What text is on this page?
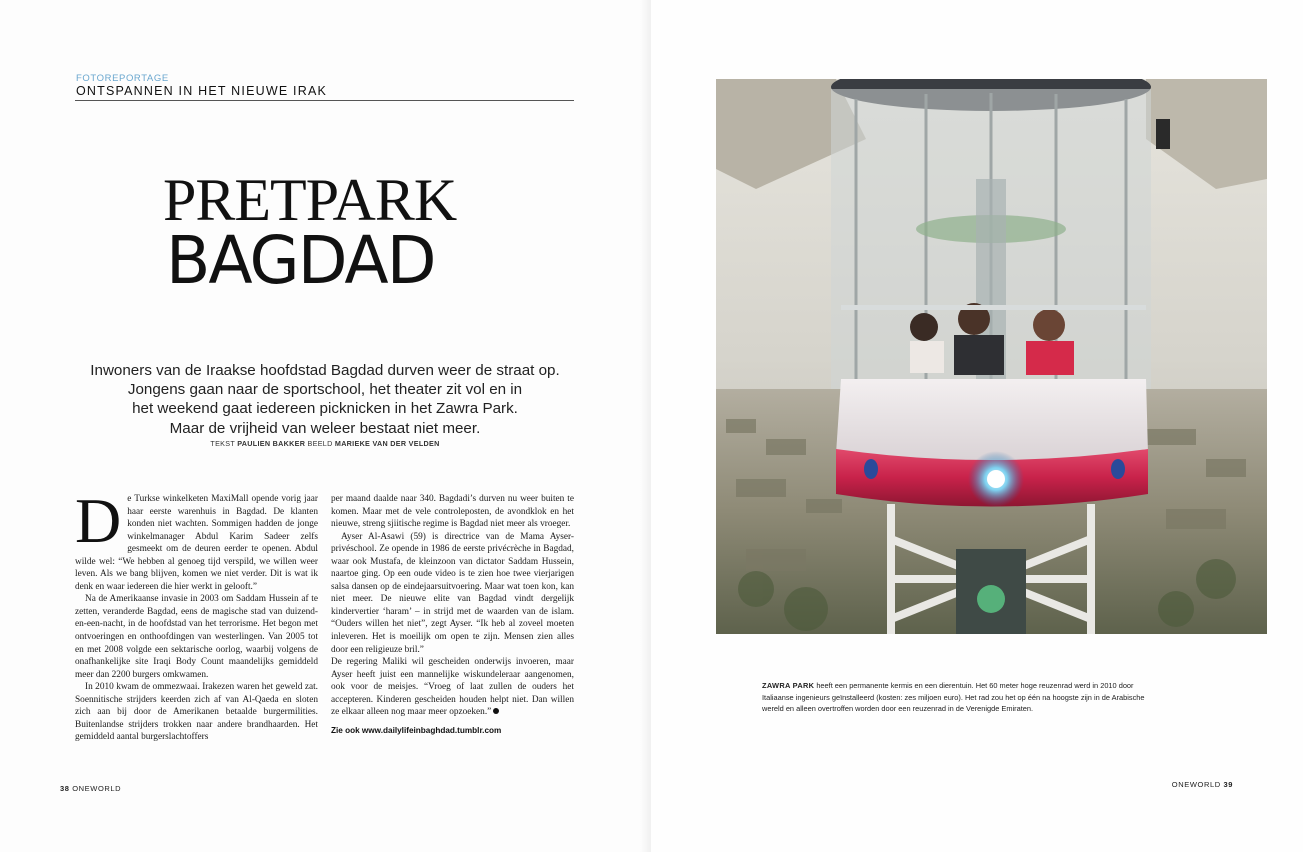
FOTOREPORTAGE
ONTSPANNEN IN HET NIEUWE IRAK
PRETPARK
BAGDAD

Inwoners van de Iraakse hoofdstad Bagdad durven weer de straat op.

Jongens gaan naar de sportschool, het theater zit vol en in

het weekend gaat iedereen picknicken in het Zawra Park.

Maar de vrijheid van weleer bestaat niet meer.

TEKST PAULIEN BAKKER BEELD MARIEKE VAN DER VELDEN

De Turkse winkelketen MaxiMall opende vorig jaar haar eerste warenhuis in Bagdad. De klanten konden niet wachten. Sommigen hadden de jonge winkelmanager Abdul Karim Sadeer zelfs gesmeekt om de deuren eerder te openen. Abdul wilde wel: “We hebben al genoeg tijd verspild, we willen weer leven. Als we bang blijven, komen we niet verder. Dit is wat ik denk en waar iedereen die hier werkt in gelooft.”

Na de Amerikaanse invasie in 2003 om Saddam Hussein af te zetten, veranderde Bagdad, eens de magische stad van duizend-en-een-nacht, in de hoofdstad van het terrorisme. Het begon met ontvoeringen en onthoofdingen van westerlingen. Van 2005 tot en met 2008 volgde een sektarische oorlog, waarbij volgens de onafhankelijke site Iraqi Body Count maandelijks gemiddeld meer dan 2200 burgers omkwamen.

In 2010 kwam de ommezwaai. Irakezen waren het geweld zat. Soennitische strijders keerden zich af van Al-Qaeda en sloten zich aan bij door de Amerikanen betaalde burgermilities. Buitenlandse strijders trokken naar andere brandhaarden. Het gemiddeld aantal burgerslachtoffers

per maand daalde naar 340. Bagdadi’s durven nu weer buiten te komen. Maar met de vele controleposten, de avondklok en het nieuwe, streng sjiitische regime is Bagdad niet meer als vroeger.

Ayser Al-Asawi (59) is directrice van de Mama Ayser-privéschool. Ze opende in 1986 de eerste privécrèche in Bagdad, waar ook Mustafa, de kleinzoon van dictator Saddam Hussein, naartoe ging. Op een oude video is te zien hoe twee vierjarigen salsa dansen op de eindejaarsuitvoering. Maar wat toen kon, kan niet meer. De nieuwe elite van Bagdad vindt dergelijk kindervertier ‘haram’ – in strijd met de waarden van de islam. “Ouders willen het niet”, zegt Ayser. “Ik heb al zoveel moeten inleveren. Het is moeilijk om open te zijn. Mensen zien alles door een religieuze bril.”

De regering Maliki wil gescheiden onderwijs invoeren, maar Ayser heeft juist een mannelijke wiskundeleraar aangenomen, ook voor de meisjes. “Vroeg of laat zullen de ouders het accepteren. Kinderen gescheiden houden helpt niet. Dan willen ze elkaar alleen nog maar meer opzoeken.”

Zie ook www.dailylifeinbaghdad.tumblr.com
38 ONEWORLD	ONEWORLD 39
ZAWRA PARK heeft een permanente kermis en een dierentuin. Het 60 meter hoge reuzenrad werd in 2010 door Italiaanse ingenieurs geïnstalleerd (kosten: zes miljoen euro). Het rad zou het op één na hoogste zijn in de Arabische wereld en alleen overtroffen worden door een reuzenrad in de Verenigde Emiraten.
